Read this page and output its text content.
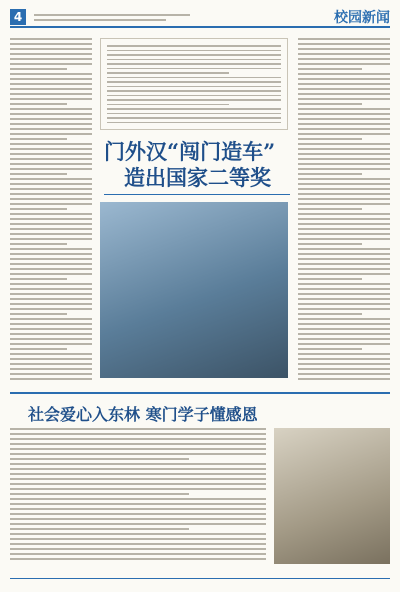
4	校园新闻
门外汉“闯门造车”
造出国家二等奖
社会爱心入东林 寒门学子懂感恩
